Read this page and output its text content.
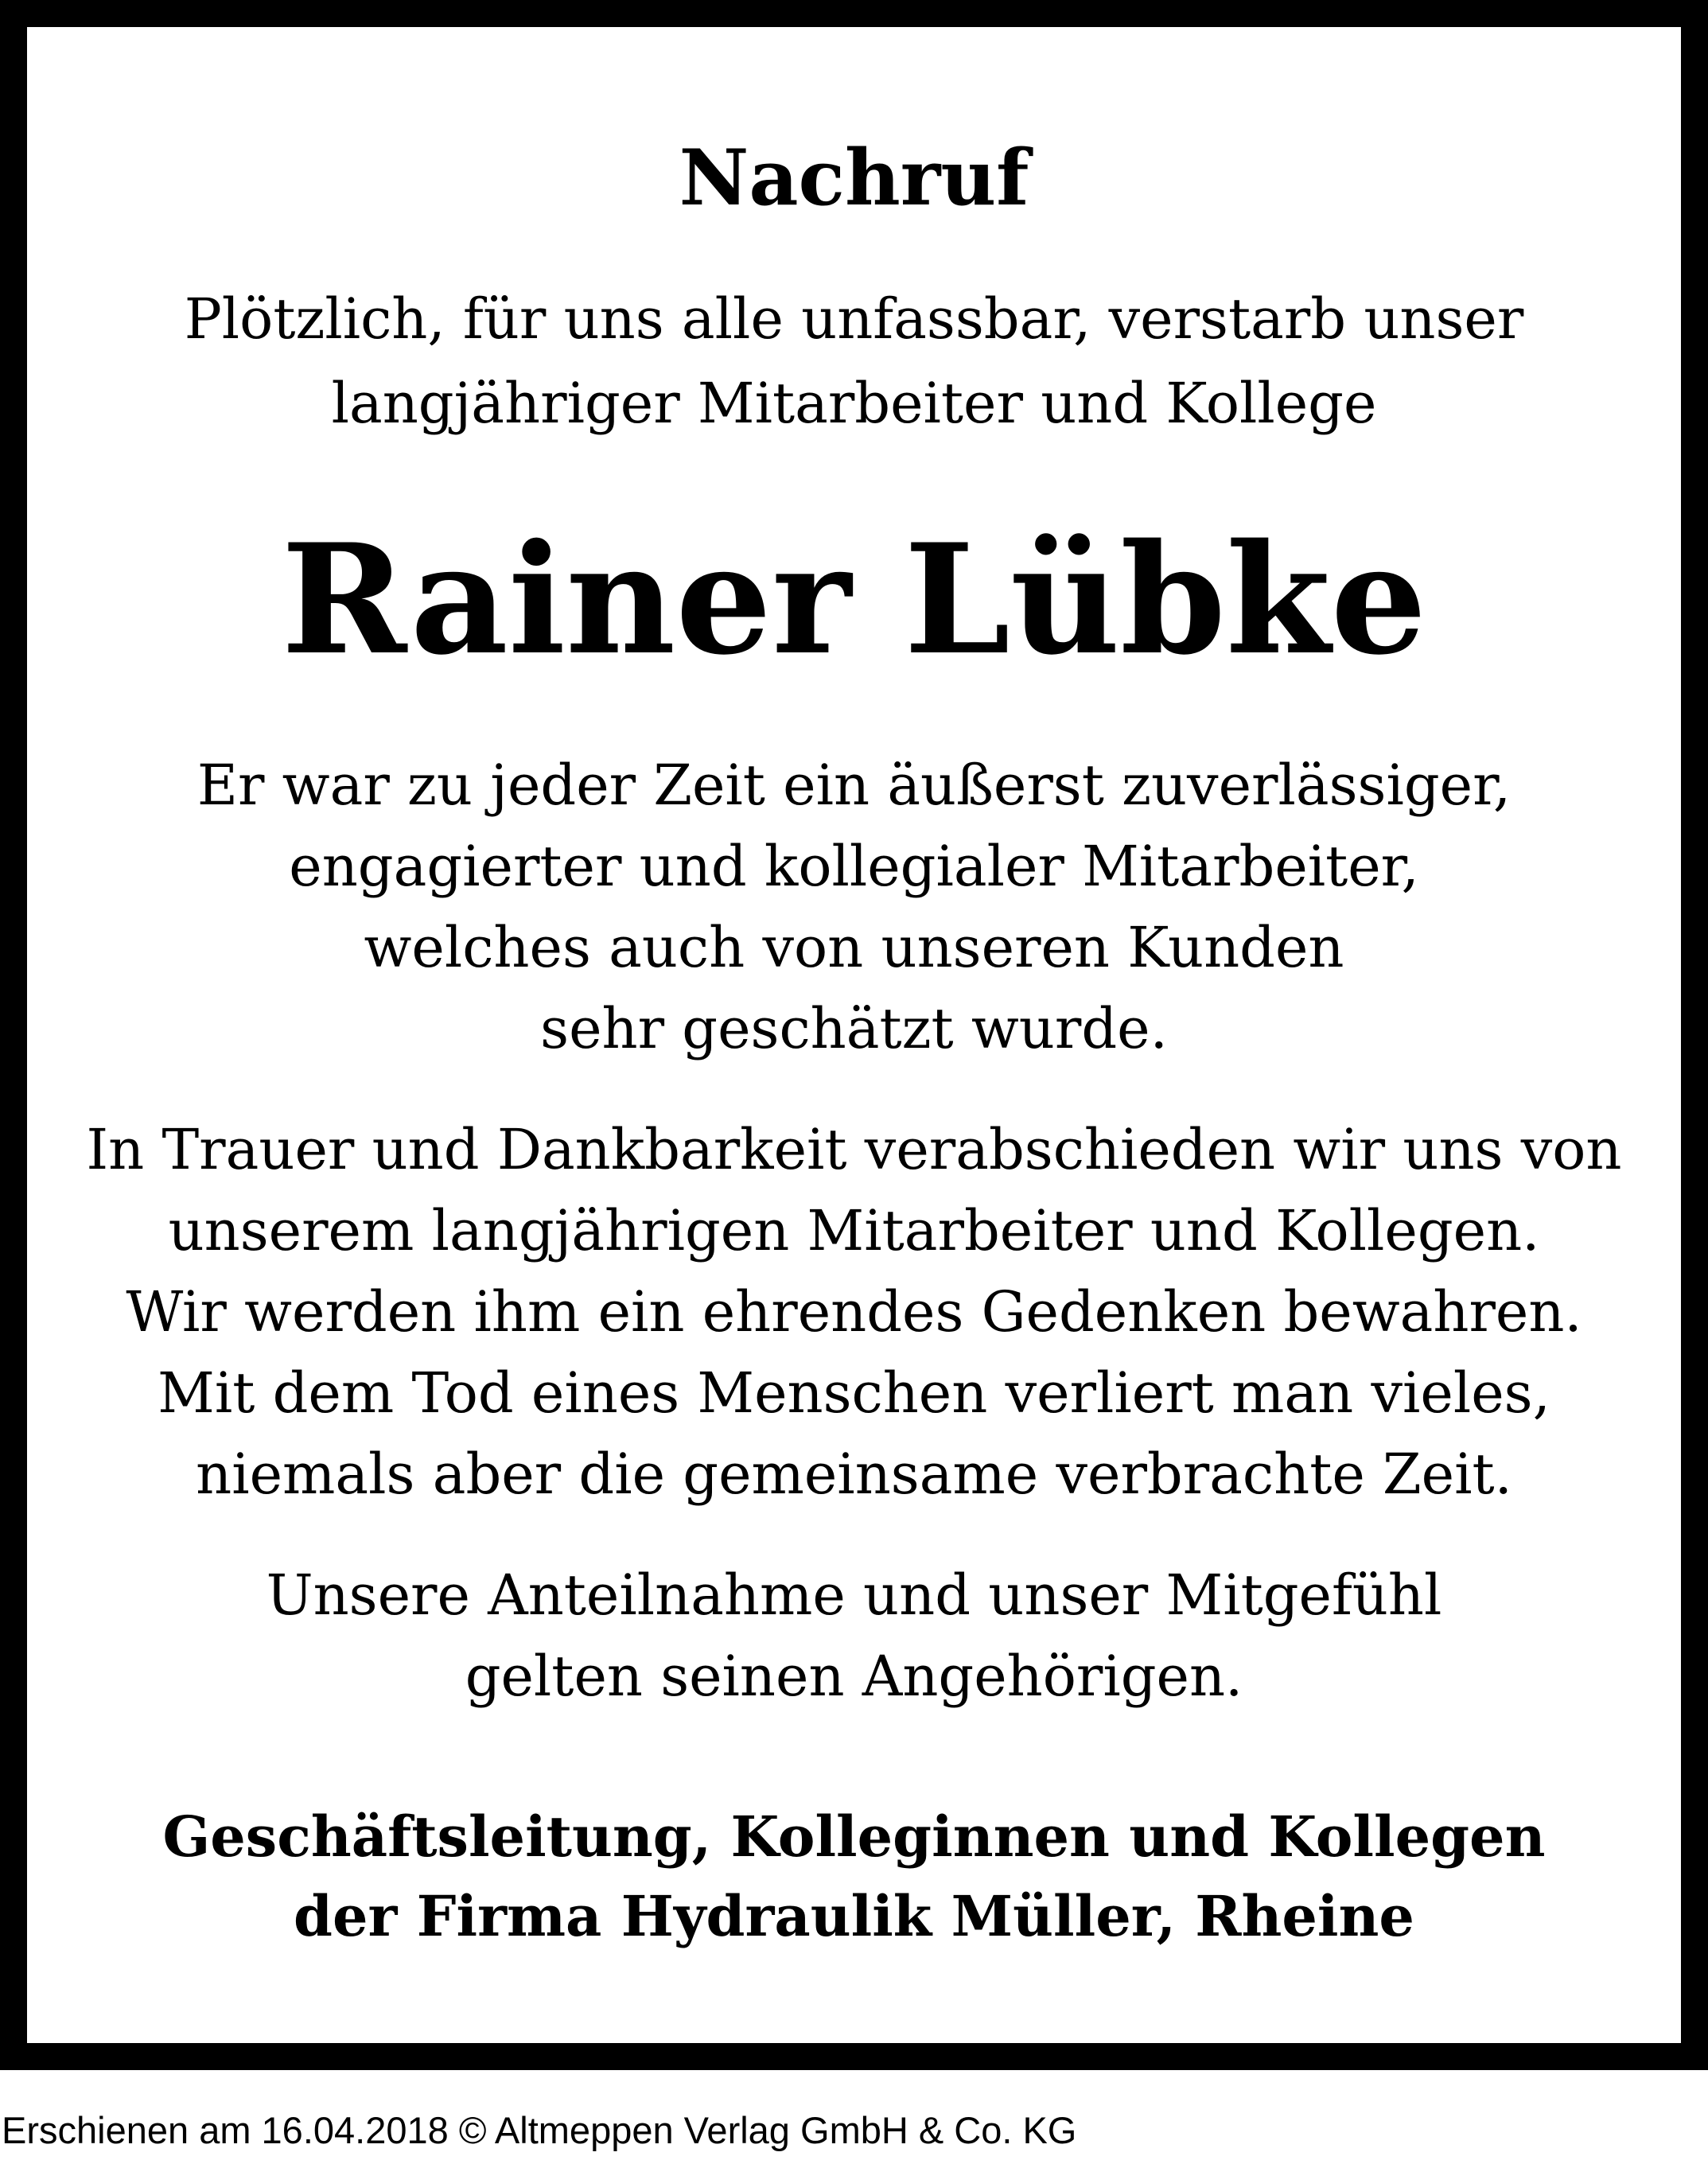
Nachruf
Plötzlich, für uns alle unfassbar, verstarb unser
langjähriger Mitarbeiter und Kollege
Rainer Lübke
Er war zu jeder Zeit ein äußerst zuverlässiger,
engagierter und kollegialer Mitarbeiter,
welches auch von unseren Kunden
sehr geschätzt wurde.
In Trauer und Dankbarkeit verabschieden wir uns von
unserem langjährigen Mitarbeiter und Kollegen.
Wir werden ihm ein ehrendes Gedenken bewahren.
Mit dem Tod eines Menschen verliert man vieles,
niemals aber die gemeinsame verbrachte Zeit.
Unsere Anteilnahme und unser Mitgefühl
gelten seinen Angehörigen.
Geschäftsleitung, Kolleginnen und Kollegen
der Firma Hydraulik Müller, Rheine
Erschienen am 16.04.2018 © Altmeppen Verlag GmbH & Co. KG
